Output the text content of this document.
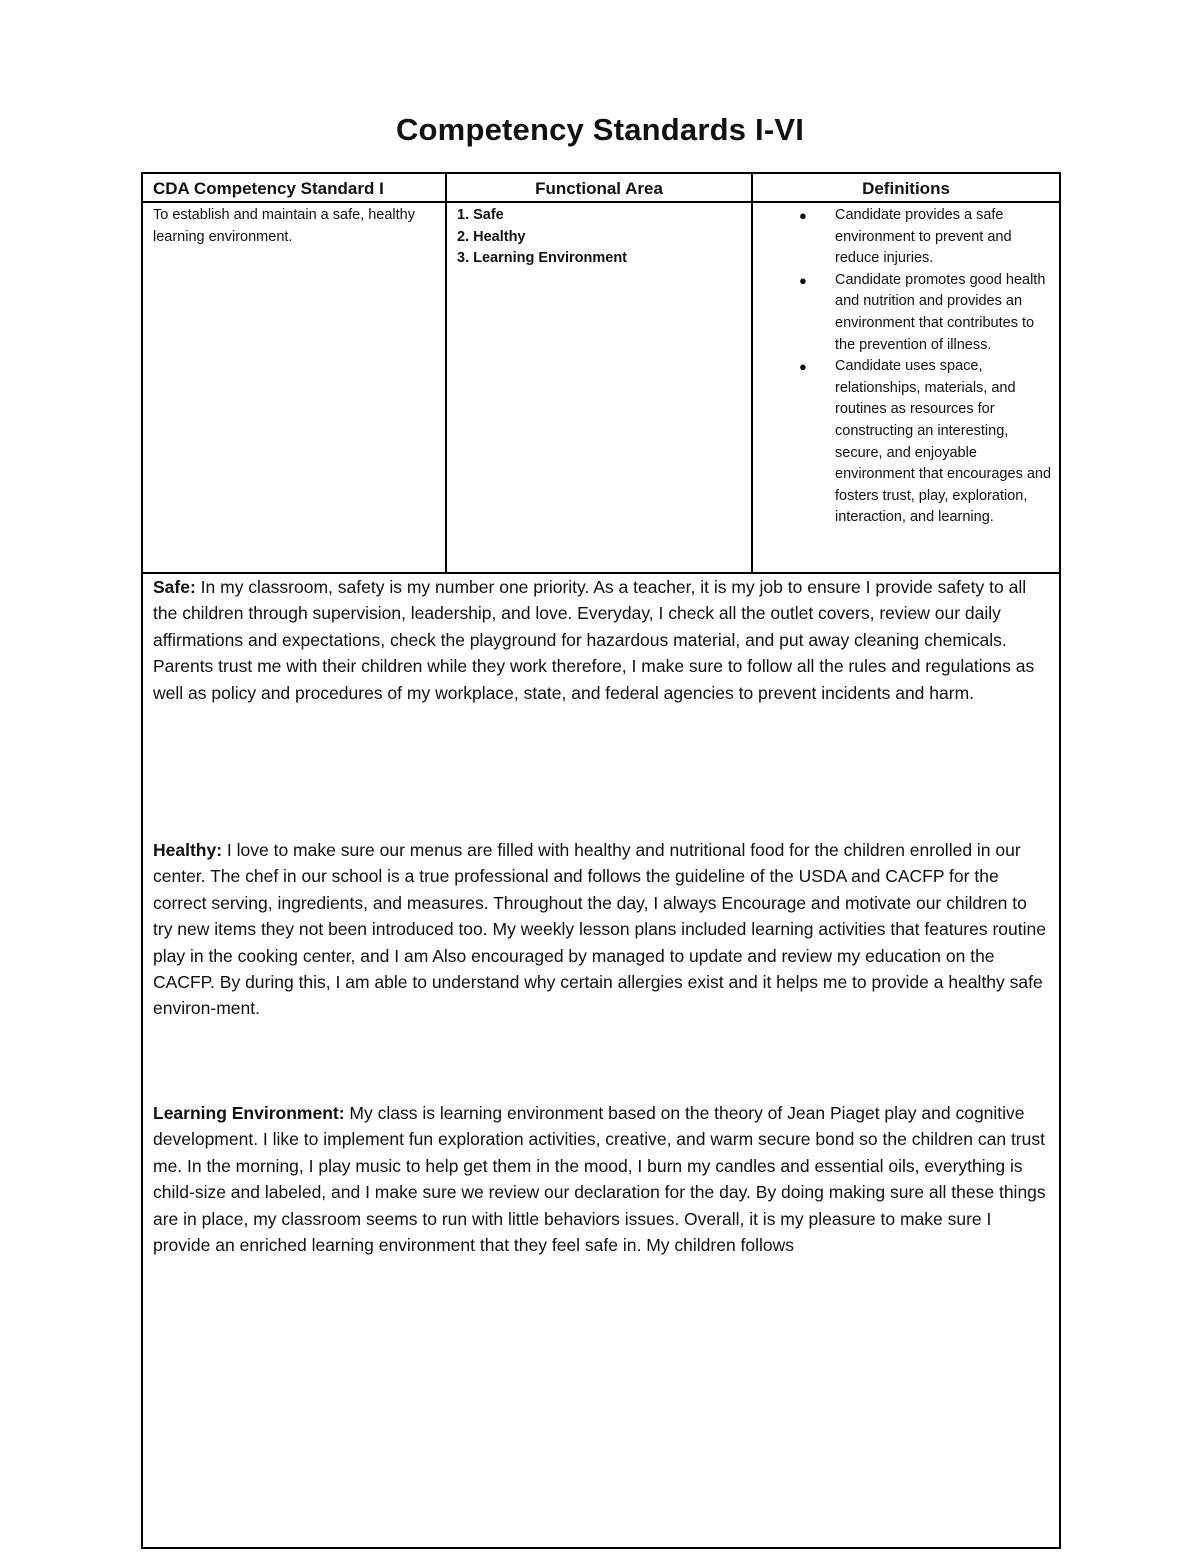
Competency Standards I-VI
CDA Competency Standard I	Functional Area	Definitions
To establish and maintain a safe, healthy learning environment.
1. Safe
2. Healthy
3. Learning Environment
● Candidate provides a safe environment to prevent and reduce injuries.
● Candidate promotes good health and nutrition and provides an environment that contributes to the prevention of illness.
● Candidate uses space, relationships, materials, and routines as resources for constructing an interesting, secure, and enjoyable environment that encourages and fosters trust, play, exploration, interaction, and learning.

Safe: In my classroom, safety is my number one priority. As a teacher, it is my job to ensure I provide safety to all the children through supervision, leadership, and love. Everyday, I check all the outlet covers, review our daily affirmations and expectations, check the playground for hazardous material, and put away cleaning chemicals. Parents trust me with their children while they work therefore, I make sure to follow all the rules and regulations as well as policy and procedures of my workplace, state, and federal agencies to prevent incidents and harm.

Healthy: I love to make sure our menus are filled with healthy and nutritional food for the children enrolled in our center. The chef in our school is a true professional and follows the guideline of the USDA and CACFP for the correct serving, ingredients, and measures. Throughout the day, I always Encourage and motivate our children to try new items they not been introduced too. My weekly lesson plans included learning activities that features routine play in the cooking center, and I am Also encouraged by managed to update and review my education on the CACFP. By during this, I am able to understand why certain allergies exist and it helps me to provide a healthy safe environ-ment.

Learning Environment: My class is learning environment based on the theory of Jean Piaget play and cognitive development. I like to implement fun exploration activities, creative, and warm secure bond so the children can trust me. In the morning, I play music to help get them in the mood, I burn my candles and essential oils, everything is child-size and labeled, and I make sure we review our declaration for the day. By doing making sure all these things are in place, my classroom seems to run with little behaviors issues. Overall, it is my pleasure to make sure I provide an enriched learning environment that they feel safe in. My children follows
